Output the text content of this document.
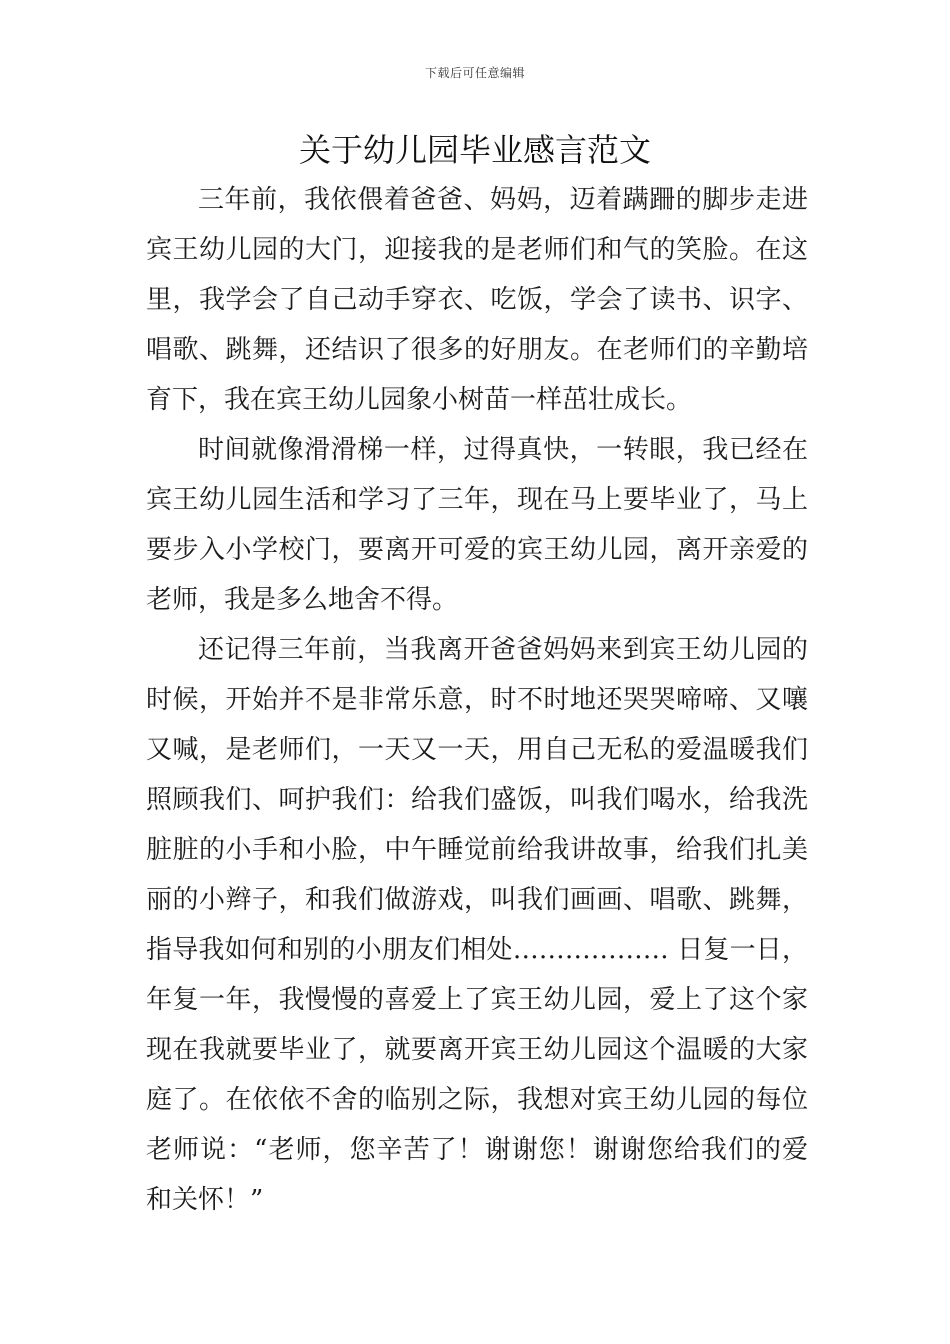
下载后可任意编辑
关于幼儿园毕业感言范文
三年前，我依偎着爸爸、妈妈，迈着蹒跚的脚步走进
宾王幼儿园的大门，迎接我的是老师们和气的笑脸。在这
里，我学会了自己动手穿衣、吃饭，学会了读书、识字、
唱歌、跳舞，还结识了很多的好朋友。在老师们的辛勤培
育下，我在宾王幼儿园象小树苗一样茁壮成长。
时间就像滑滑梯一样，过得真快，一转眼，我已经在
宾王幼儿园生活和学习了三年，现在马上要毕业了，马上
要步入小学校门，要离开可爱的宾王幼儿园，离开亲爱的
老师，我是多么地舍不得。
还记得三年前，当我离开爸爸妈妈来到宾王幼儿园的
时候，开始并不是非常乐意，时不时地还哭哭啼啼、又嚷
又喊，是老师们，一天又一天，用自己无私的爱温暖我们
照顾我们、呵护我们：给我们盛饭，叫我们喝水，给我洗
脏脏的小手和小脸，中午睡觉前给我讲故事，给我们扎美
丽的小辫子，和我们做游戏，叫我们画画、唱歌、跳舞，
指导我如何和别的小朋友们相处……………… 日复一日，
年复一年，我慢慢的喜爱上了宾王幼儿园，爱上了这个家
现在我就要毕业了，就要离开宾王幼儿园这个温暖的大家
庭了。在依依不舍的临别之际，我想对宾王幼儿园的每位
老师说：“老师，您辛苦了！谢谢您！谢谢您给我们的爱
和关怀！”
